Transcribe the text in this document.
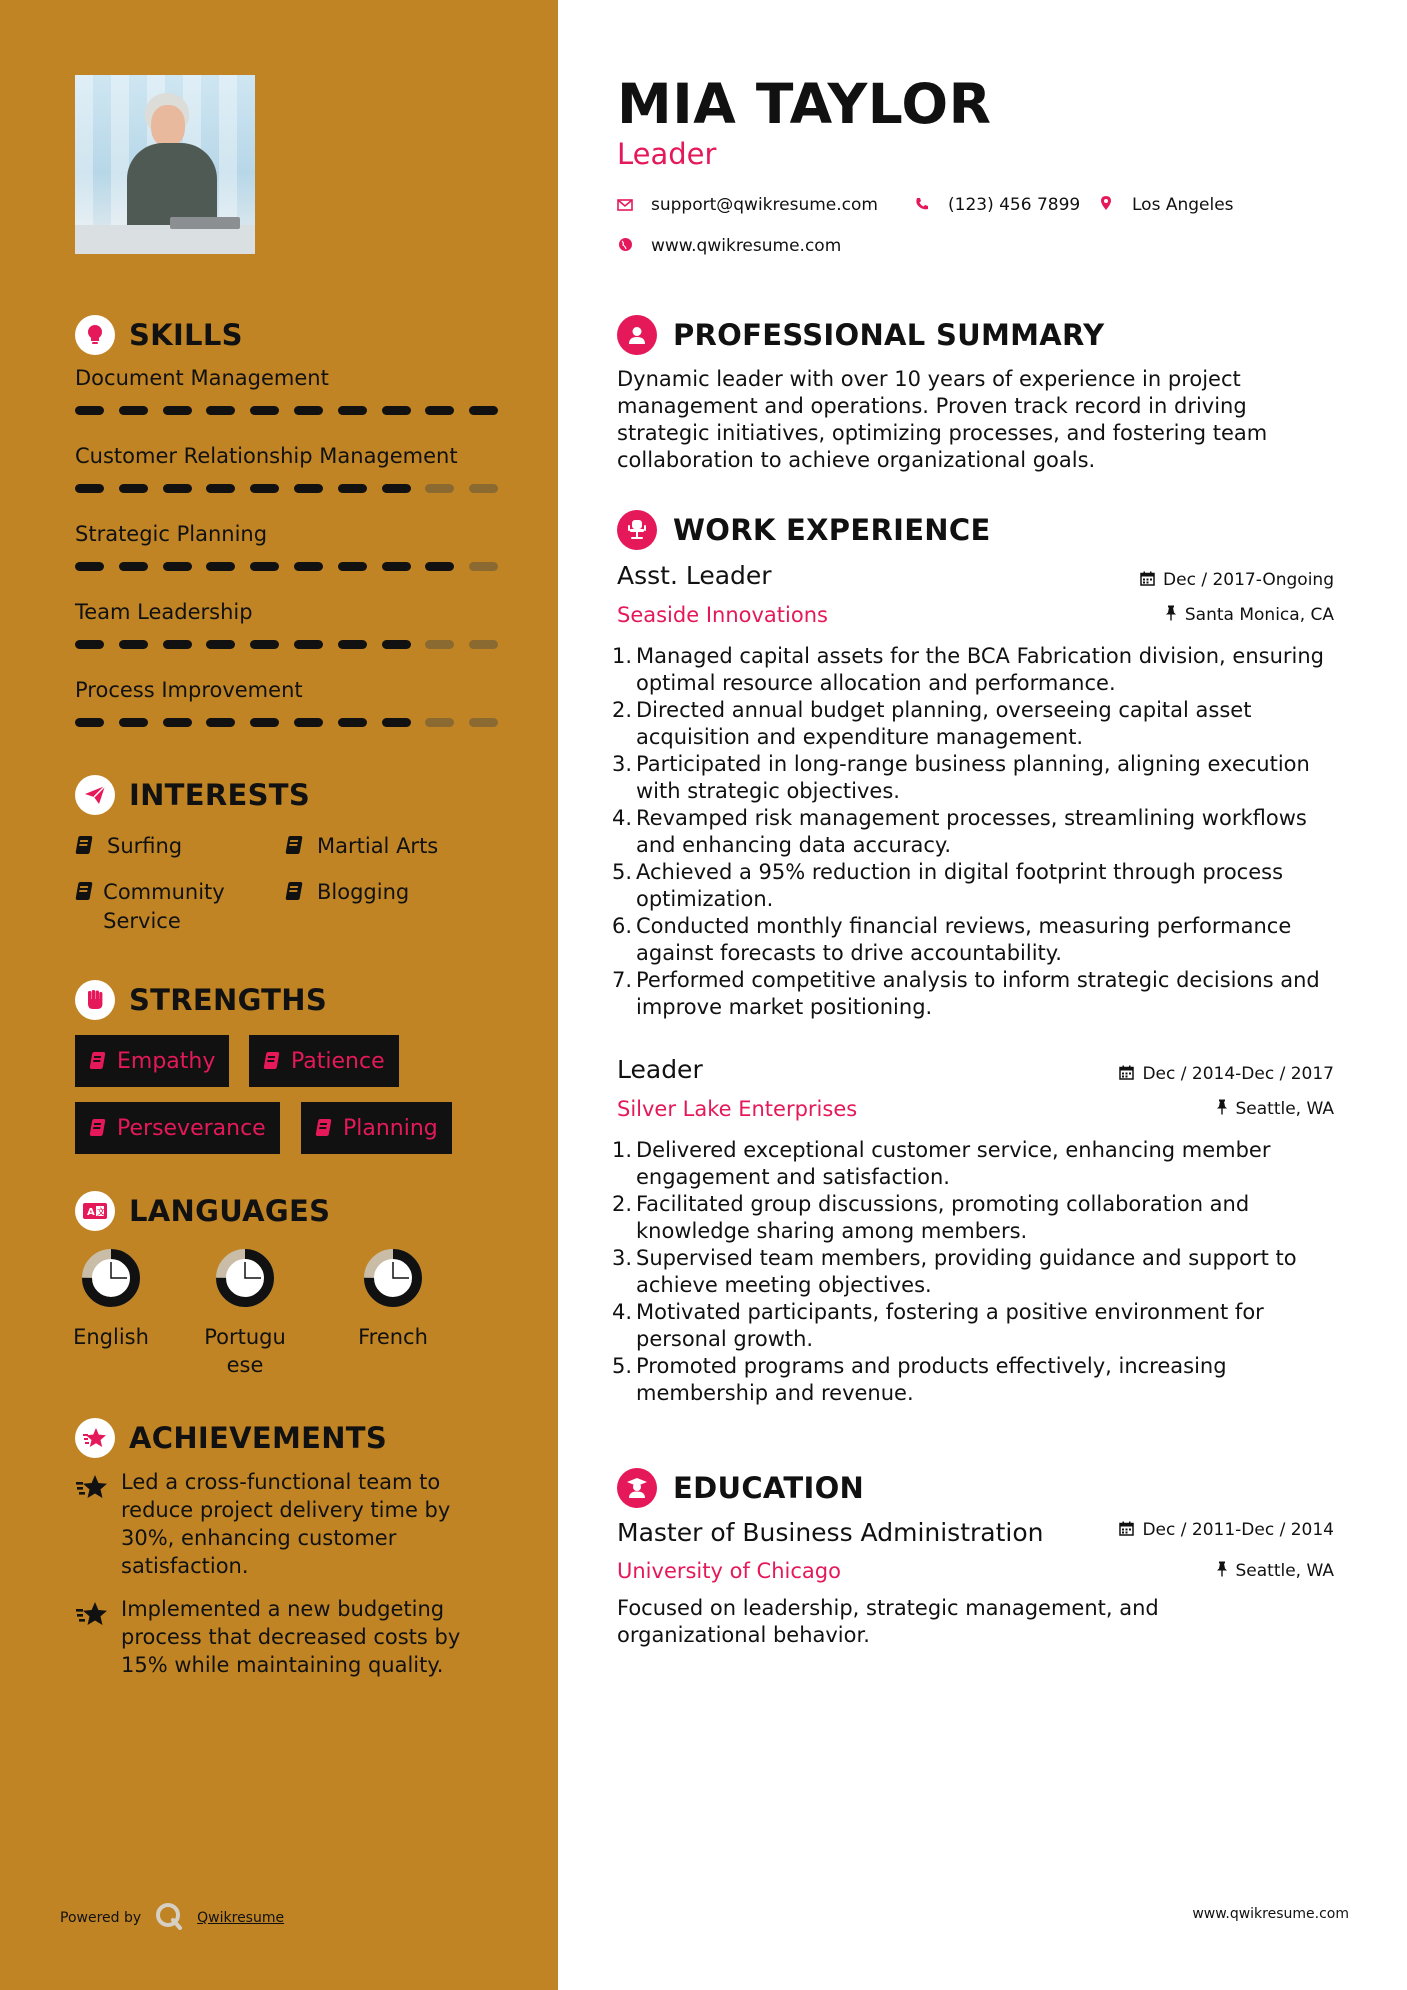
SKILLS
Document Management
Customer Relationship Management
Strategic Planning
Team Leadership
Process Improvement
INTERESTS
Surfing	Martial Arts
Community Service
Blogging
STRENGTHS
Empathy	Patience
Perseverance	Planning
A 文 LANGUAGES
English	Portuguese
French
ACHIEVEMENTS
Led a cross-functional team to reduce project delivery time by 30%, enhancing customer satisfaction.
Implemented a new budgeting process that decreased costs by 15% while maintaining quality.
Powered by	Qwikresume
MIA TAYLOR
Leader
support@qwikresume.com	(123) 456 7899	Los Angeles
www.qwikresume.com
PROFESSIONAL SUMMARY
Dynamic leader with over 10 years of experience in project management and operations. Proven track record in driving strategic initiatives, optimizing processes, and fostering team collaboration to achieve organizational goals.
WORK EXPERIENCE
Asst. Leader	Dec / 2017-Ongoing
Seaside Innovations	Santa Monica, CA
1. Managed capital assets for the BCA Fabrication division, ensuring optimal resource allocation and performance.
2. Directed annual budget planning, overseeing capital asset acquisition and expenditure management.
3. Participated in long-range business planning, aligning execution with strategic objectives.
4. Revamped risk management processes, streamlining workflows and enhancing data accuracy.
5. Achieved a 95% reduction in digital footprint through process optimization.
6. Conducted monthly financial reviews, measuring performance against forecasts to drive accountability.
7. Performed competitive analysis to inform strategic decisions and improve market positioning.
Leader	Dec / 2014-Dec / 2017
Silver Lake Enterprises	Seattle, WA
1. Delivered exceptional customer service, enhancing member engagement and satisfaction.
2. Facilitated group discussions, promoting collaboration and knowledge sharing among members.
3. Supervised team members, providing guidance and support to achieve meeting objectives.
4. Motivated participants, fostering a positive environment for personal growth.
5. Promoted programs and products effectively, increasing membership and revenue.
EDUCATION
Master of Business Administration	Dec / 2011-Dec / 2014
University of Chicago	Seattle, WA
Focused on leadership, strategic management, and organizational behavior.
www.qwikresume.com
